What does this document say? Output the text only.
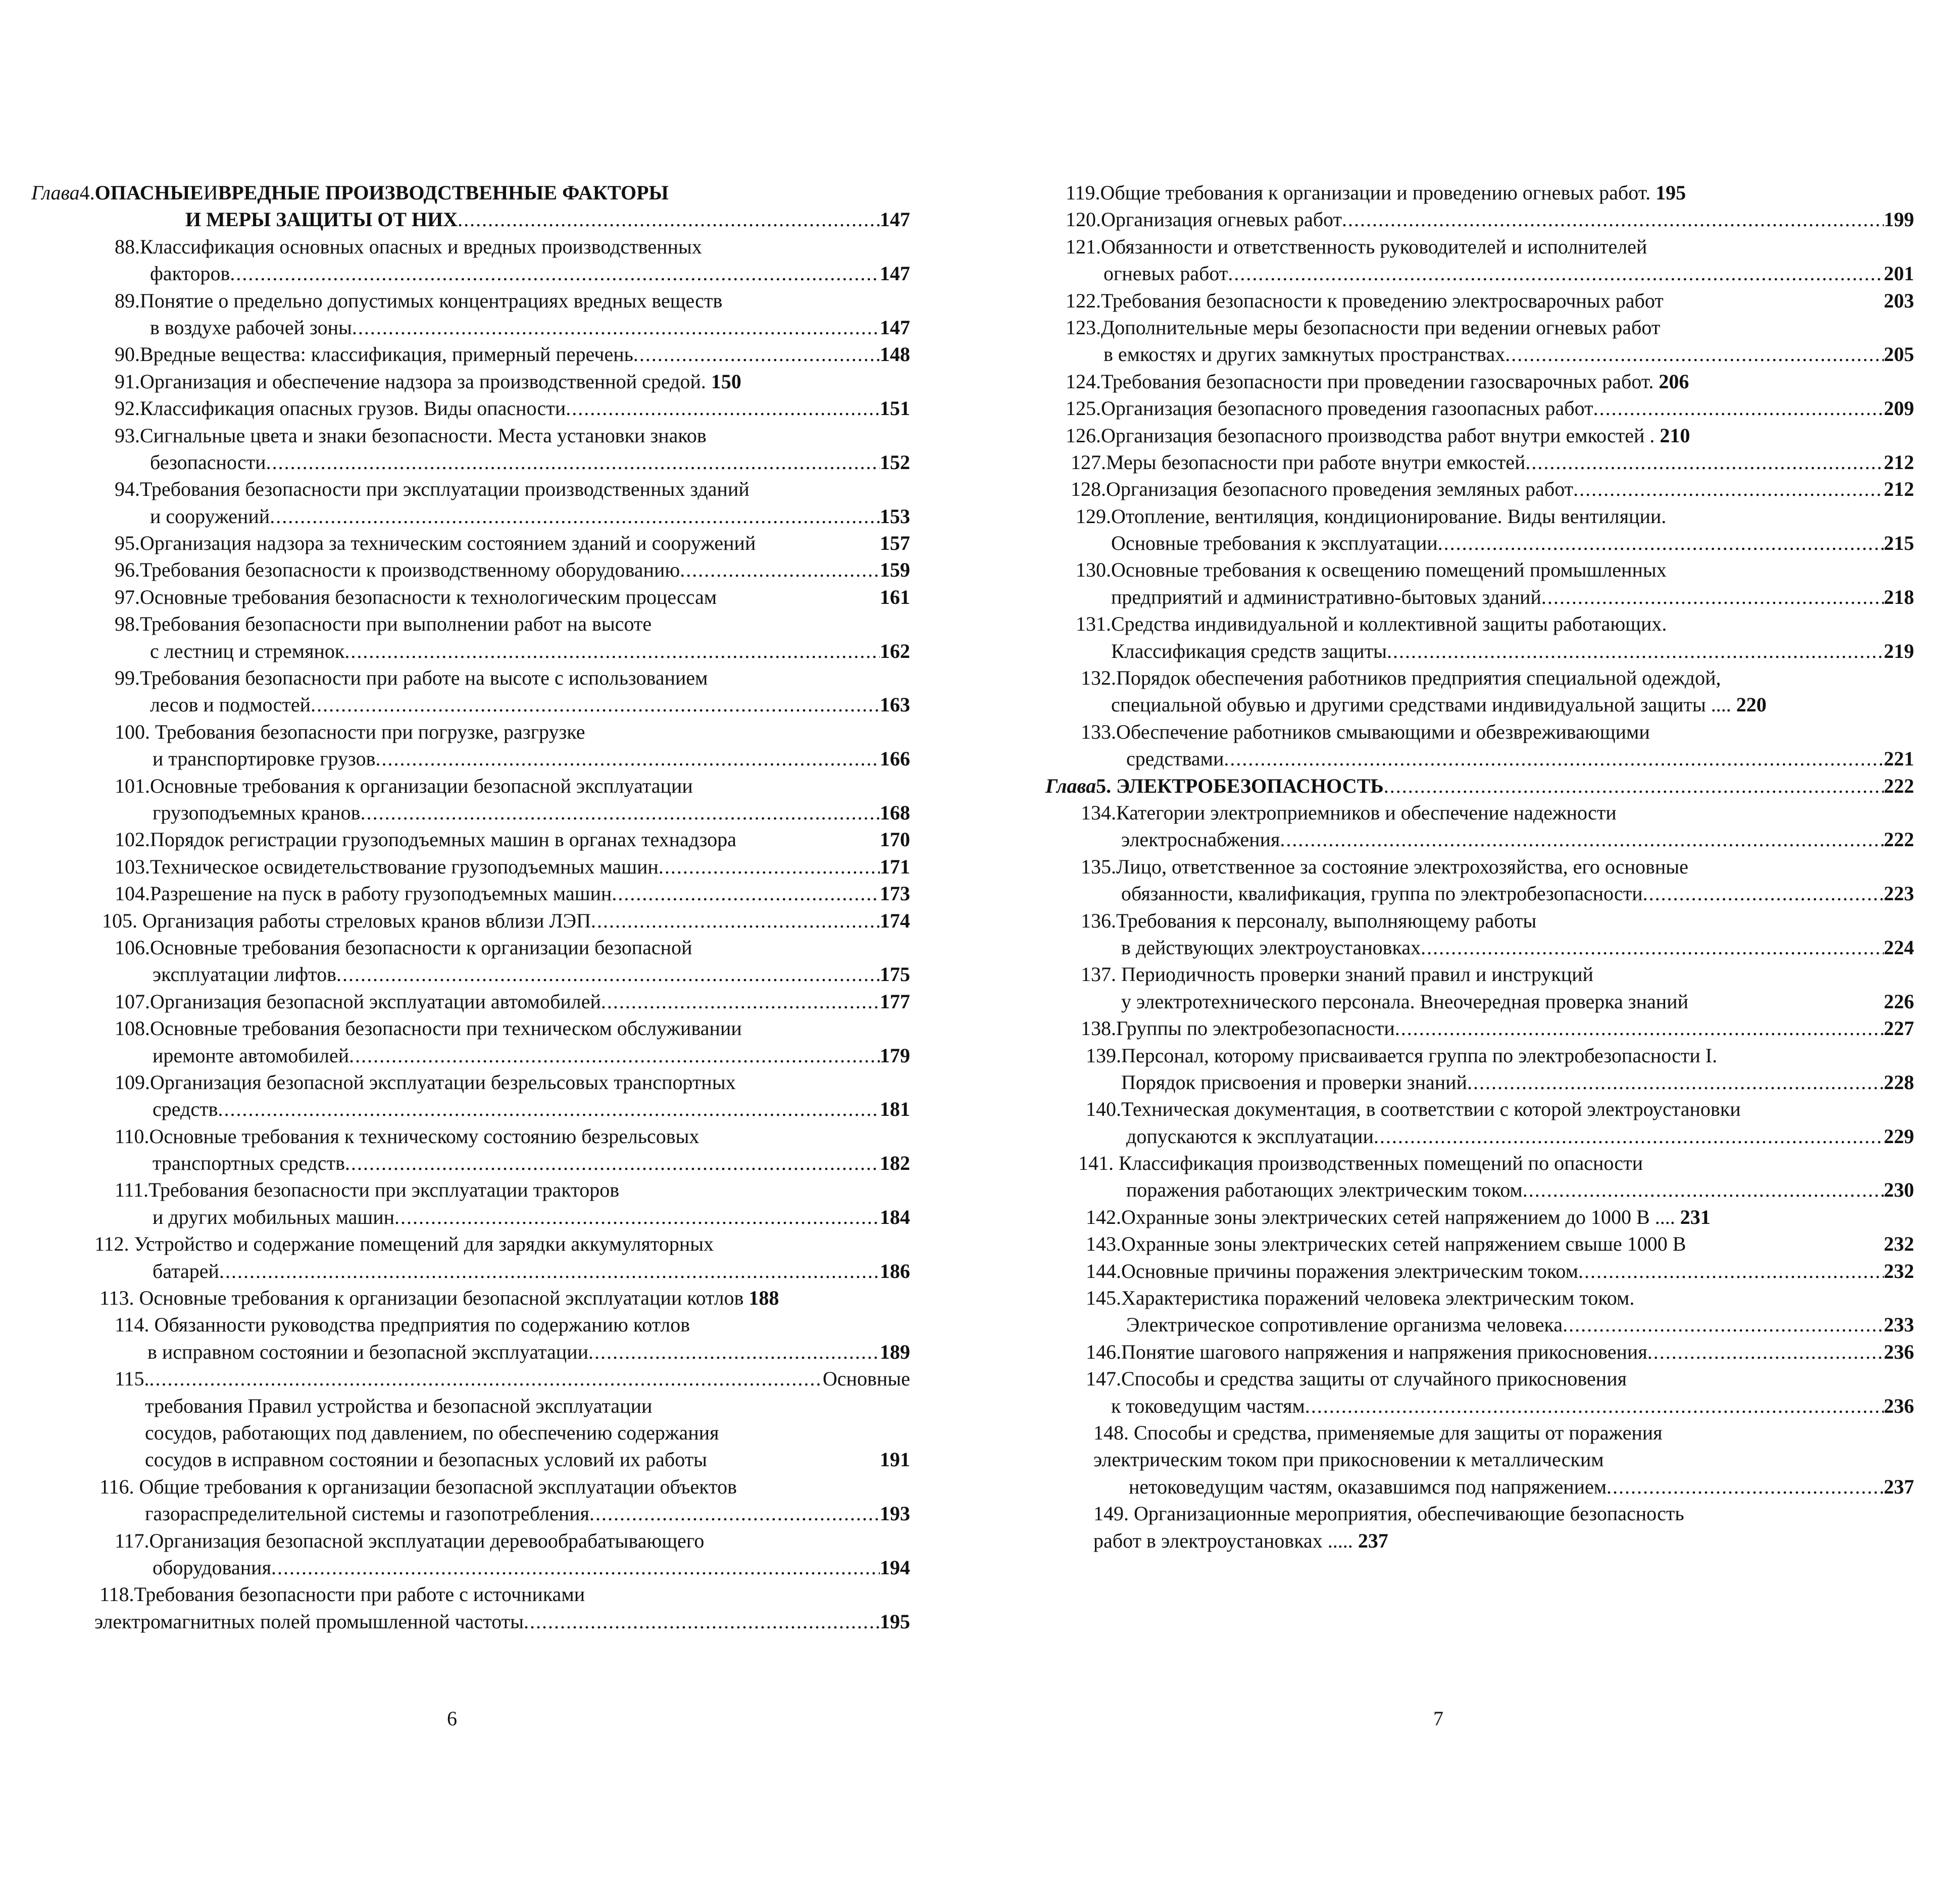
Глава 4. ОПАСНЫЕ И ВРЕДНЫЕ ПРОИЗВОДСТВЕННЫЕ ФАКТОРЫ
И МЕРЫ ЗАЩИТЫ ОТ НИХ . . .	147
88.Классификация основных опасных и вредных производственных
факторов . . .	147
89.Понятие о предельно допустимых концентрациях вредных веществ
в воздухе рабочей зоны . . .	147
90.Вредные вещества: классификация, примерный перечень . . .	148
91.Организация и обеспечение надзора за производственной средой. 150
92.Классификация опасных грузов. Виды опасности . . .	151
93.Сигнальные цвета и знаки безопасности. Места установки знаков
безопасности . . .	152
94.Требования безопасности при эксплуатации производственных зданий
и сооружений . . .	153
95.Организация надзора за техническим состоянием зданий и сооружений	157
96.Требования безопасности к производственному оборудованию . . .	159
97.Основные требования безопасности к технологическим процессам	161
98.Требования безопасности при выполнении работ на высоте
с лестниц и стремянок . . .	162
99.Требования безопасности при работе на высоте с использованием
лесов и подмостей . . .	163
100. Требования безопасности при погрузке, разгрузке
и транспортировке грузов . . .	166
101.Основные требования к организации безопасной эксплуатации
грузоподъемных кранов . . .	168
102.Порядок регистрации грузоподъемных машин в органах технадзора	170
103.Техническое освидетельствование грузоподъемных машин . . .	171
104.Разрешение на пуск в работу грузоподъемных машин . . .	173
105. Организация работы стреловых кранов вблизи ЛЭП . . .	174
106.Основные требования безопасности к организации безопасной
эксплуатации лифтов . . .	175
107.Организация безопасной эксплуатации автомобилей . . .	177
108.Основные требования безопасности при техническом обслуживании
иремонте автомобилей . . .	179
109.Организация безопасной эксплуатации безрельсовых транспортных
средств . . .	181
110.Основные требования к техническому состоянию безрельсовых
транспортных средств . . .	182
111.Требования безопасности при эксплуатации тракторов
и других мобильных машин . . .	184
112. Устройство и содержание помещений для зарядки аккумуляторных
батарей . . .	186
113. Основные требования к организации безопасной эксплуатации котлов 188
114. Обязанности руководства предприятия по содержанию котлов
в исправном состоянии и безопасной эксплуатации . . .	189
115. . . .	Основные
требования Правил устройства и безопасной эксплуатации
сосудов, работающих под давлением, по обеспечению содержания
сосудов в исправном состоянии и безопасных условий их работы	191
116. Общие требования к организации безопасной эксплуатации объектов
газораспределительной системы и газопотребления . . .	193
117.Организация безопасной эксплуатации деревообрабатывающего
оборудования . . .	194
118.Требования безопасности при работе с источниками
электромагнитных полей промышленной частоты . . .	195
119.Общие требования к организации и проведению огневых работ. 195
120.Организация огневых работ . . .	199
121.Обязанности и ответственность руководителей и исполнителей
огневых работ . . .	201
122.Требования безопасности к проведению электросварочных работ	203
123.Дополнительные меры безопасности при ведении огневых работ
в емкостях и других замкнутых пространствах . . .	205
124.Требования безопасности при проведении газосварочных работ. 206
125.Организация безопасного проведения газоопасных работ . . .	209
126.Организация безопасного производства работ внутри емкостей . 210
127.Меры безопасности при работе внутри емкостей . . .	212
128.Организация безопасного проведения земляных работ . . .	212
129.Отопление, вентиляция, кондиционирование. Виды вентиляции.
Основные требования к эксплуатации . . .	215
130.Основные требования к освещению помещений промышленных
предприятий и административно-бытовых зданий . . .	218
131.Средства индивидуальной и коллективной защиты работающих.
Классификация средств защиты . . .	219
132.Порядок обеспечения работников предприятия специальной одеждой,
специальной обувью и другими средствами индивидуальной защиты .... 220
133.Обеспечение работников смывающими и обезвреживающими
средствами . . .	221
Глава 5. ЭЛЕКТРОБЕЗОПАСНОСТЬ . . .	222
134.Категории электроприемников и обеспечение надежности
электроснабжения . . .	222
135.Лицо, ответственное за состояние электрохозяйства, его основные
обязанности, квалификация, группа по электробезопасности . . .	223
136.Требования к персоналу, выполняющему работы
в действующих электроустановках . . .	224
137. Периодичность проверки знаний правил и инструкций
у электротехнического персонала. Внеочередная проверка знаний	226
138.Группы по электробезопасности . . .	227
139.Персонал, которому присваивается группа по электробезопасности I.
Порядок присвоения и проверки знаний . . .	228
140.Техническая документация, в соответствии с которой электроустановки
допускаются к эксплуатации . . .	229
141. Классификация производственных помещений по опасности
поражения работающих электрическим током . . .	230
142.Охранные зоны электрических сетей напряжением до 1000 В .... 231
143.Охранные зоны электрических сетей напряжением свыше 1000 В	232
144.Основные причины поражения электрическим током . . .	232
145.Характеристика поражений человека электрическим током.
Электрическое сопротивление организма человека . . .	233
146.Понятие шагового напряжения и напряжения прикосновения . . .	236
147.Способы и средства защиты от случайного прикосновения
к токоведущим частям . . .	236
148. Способы и средства, применяемые для защиты от поражения
электрическим током при прикосновении к металлическим
нетоковедущим частям, оказавшимся под напряжением . . .	237
149. Организационные мероприятия, обеспечивающие безопасность
работ в электроустановках ..... 237
6	7
